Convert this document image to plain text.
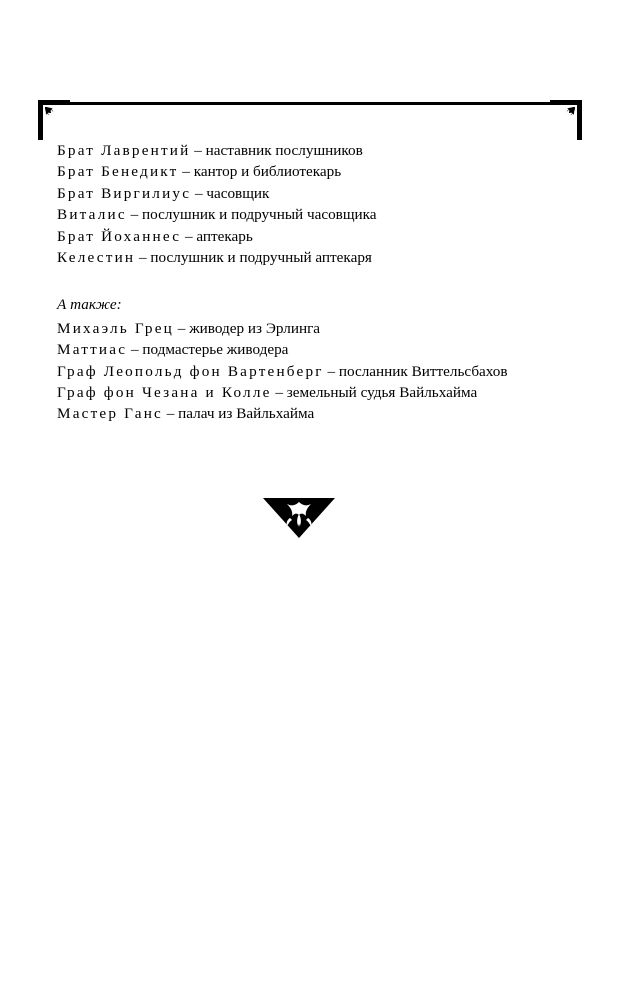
Брат Лаврентий – наставник послушников

Брат Бенедикт – кантор и библиотекарь

Брат Виргилиус – часовщик

Виталис – послушник и подручный часовщика

Брат Йоханнес – аптекарь

Келестин – послушник и подручный аптекаря

А также:

Михаэль Грец – живодер из Эрлинга

Маттиас – подмастерье живодера

Граф Леопольд фон Вартенберг – посланник Виттельсбахов

Граф фон Чезана и Колле – земельный судья Вайльхайма

Мастер Ганс – палач из Вайльхайма
